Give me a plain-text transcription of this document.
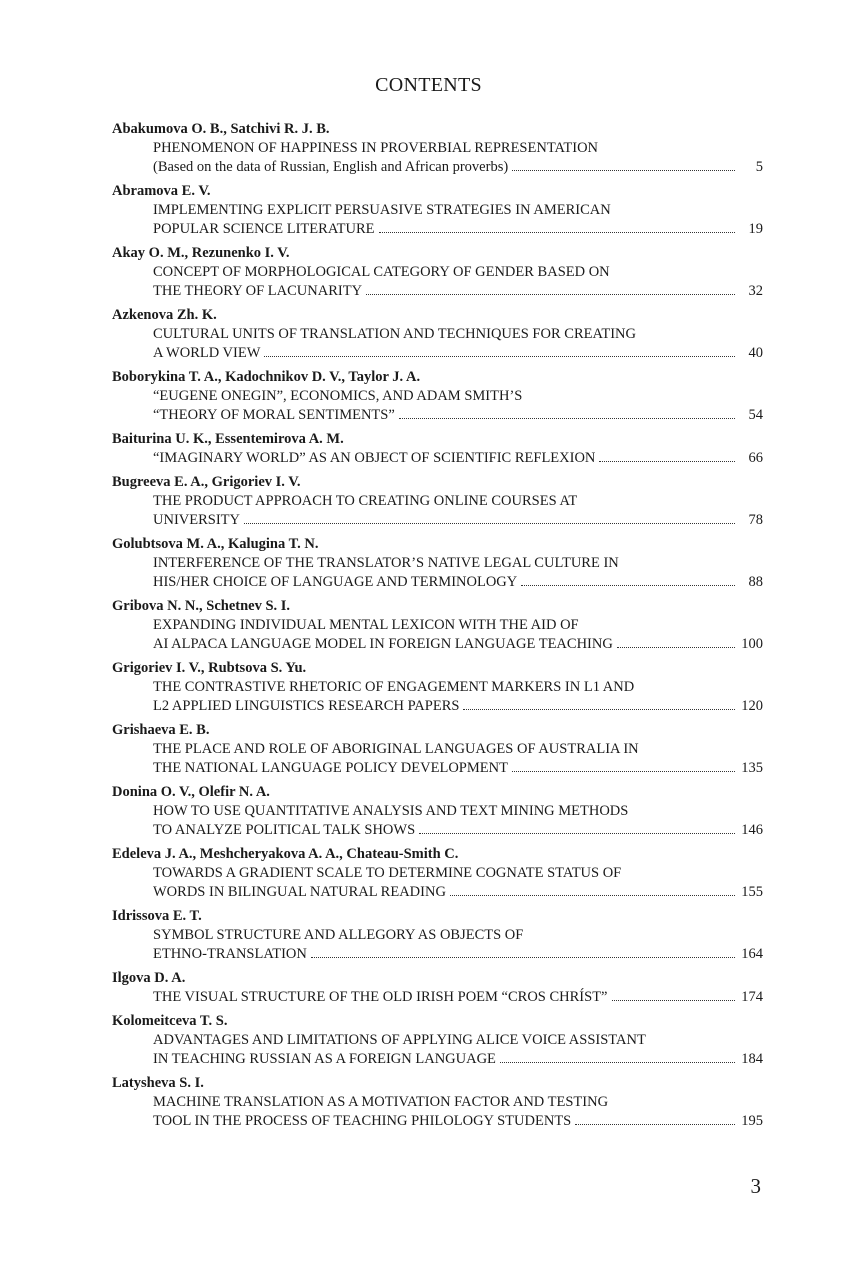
CONTENTS
Abakumova O. B., Satchivi R. J. B.
PHENOMENON OF HAPPINESS IN PROVERBIAL REPRESENTATION
(Based on the data of Russian, English and African proverbs)	5
Abramova E. V.
IMPLEMENTING EXPLICIT PERSUASIVE STRATEGIES IN AMERICAN
POPULAR SCIENCE LITERATURE	19
Akay O. M., Rezunenko I. V.
CONCEPT OF MORPHOLOGICAL CATEGORY OF GENDER BASED ON
THE THEORY OF LACUNARITY	32
Azkenova Zh. K.
CULTURAL UNITS OF TRANSLATION AND TECHNIQUES FOR CREATING
A WORLD VIEW	40
Boborykina T. A., Kadochnikov D. V., Taylor J. A.
“EUGENE ONEGIN”, ECONOMICS, AND ADAM SMITH’S
“THEORY OF MORAL SENTIMENTS”	54
Baiturina U. K., Essentemirova A. M.
“IMAGINARY WORLD” AS AN OBJECT OF SCIENTIFIC REFLEXION	66
Bugreeva E. A., Grigoriev I. V.
THE PRODUCT APPROACH TO CREATING ONLINE COURSES AT
UNIVERSITY	78
Golubtsova M. A., Kalugina T. N.
INTERFERENCE OF THE TRANSLATOR’S NATIVE LEGAL CULTURE IN
HIS/HER CHOICE OF LANGUAGE AND TERMINOLOGY	88
Gribova N. N., Schetnev S. I.
EXPANDING INDIVIDUAL MENTAL LEXICON WITH THE AID OF
AI ALPACA LANGUAGE MODEL IN FOREIGN LANGUAGE TEACHING	100
Grigoriev I. V., Rubtsova S. Yu.
THE CONTRASTIVE RHETORIC OF ENGAGEMENT MARKERS IN L1 AND
L2 APPLIED LINGUISTICS RESEARCH PAPERS	120
Grishaeva E. B.
THE PLACE AND ROLE OF ABORIGINAL LANGUAGES OF AUSTRALIA IN
THE NATIONAL LANGUAGE POLICY DEVELOPMENT	135
Donina O. V., Olefir N. A.
HOW TO USE QUANTITATIVE ANALYSIS AND TEXT MINING METHODS
TO ANALYZE POLITICAL TALK SHOWS	146
Edeleva J. A., Meshcheryakova A. A., Chateau-Smith C.
TOWARDS A GRADIENT SCALE TO DETERMINE COGNATE STATUS OF
WORDS IN BILINGUAL NATURAL READING	155
Idrissova E. T.
SYMBOL STRUCTURE AND ALLEGORY AS OBJECTS OF
ETHNO-TRANSLATION	164
Ilgova D. A.
THE VISUAL STRUCTURE OF THE OLD IRISH POEM “CROS CHRÍST”	174
Kolomeitceva T. S.
ADVANTAGES AND LIMITATIONS OF APPLYING ALICE VOICE ASSISTANT
IN TEACHING RUSSIAN AS A FOREIGN LANGUAGE	184
Latysheva S. I.
MACHINE TRANSLATION AS A MOTIVATION FACTOR AND TESTING
TOOL IN THE PROCESS OF TEACHING PHILOLOGY STUDENTS	195
3
